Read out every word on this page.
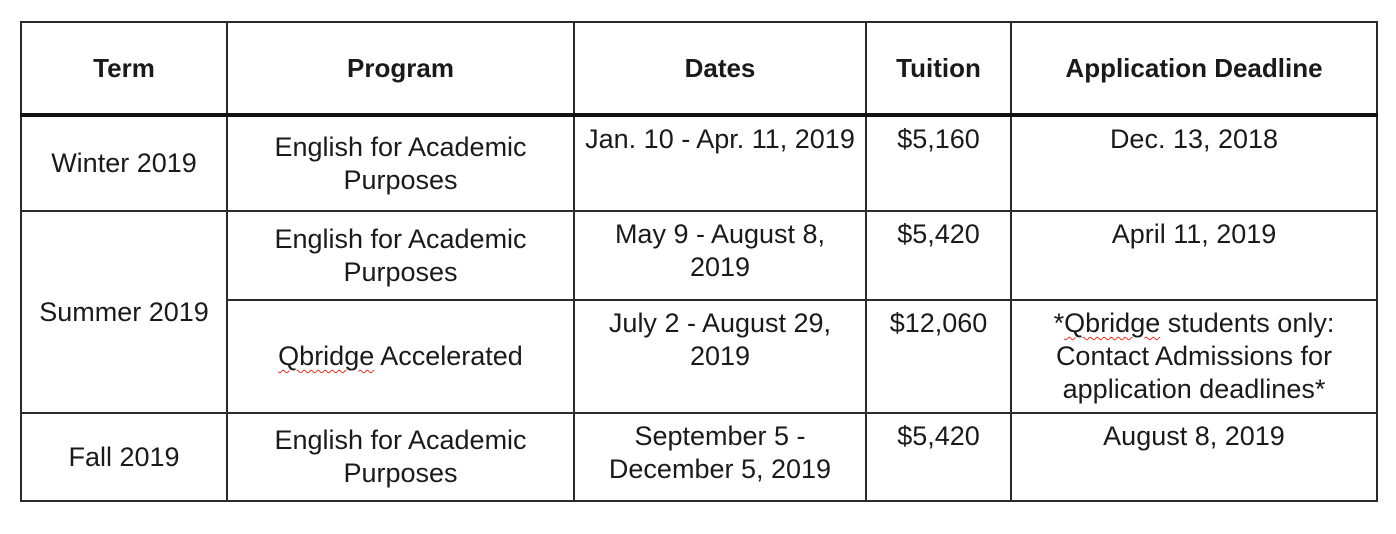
Term	Program	Dates	Tuition	Application Deadline
Winter 2019	English for Academic Purposes	Jan. 10 - Apr. 11, 2019	$5,160	Dec. 13, 2018
Summer 2019	English for Academic Purposes	May 9 - August 8, 2019	$5,420	April 11, 2019
	Qbridge Accelerated	July 2 - August 29, 2019	$12,060	*Qbridge students only: Contact Admissions for application deadlines*
Fall 2019	English for Academic Purposes	September 5 - December 5, 2019	$5,420	August 8, 2019
